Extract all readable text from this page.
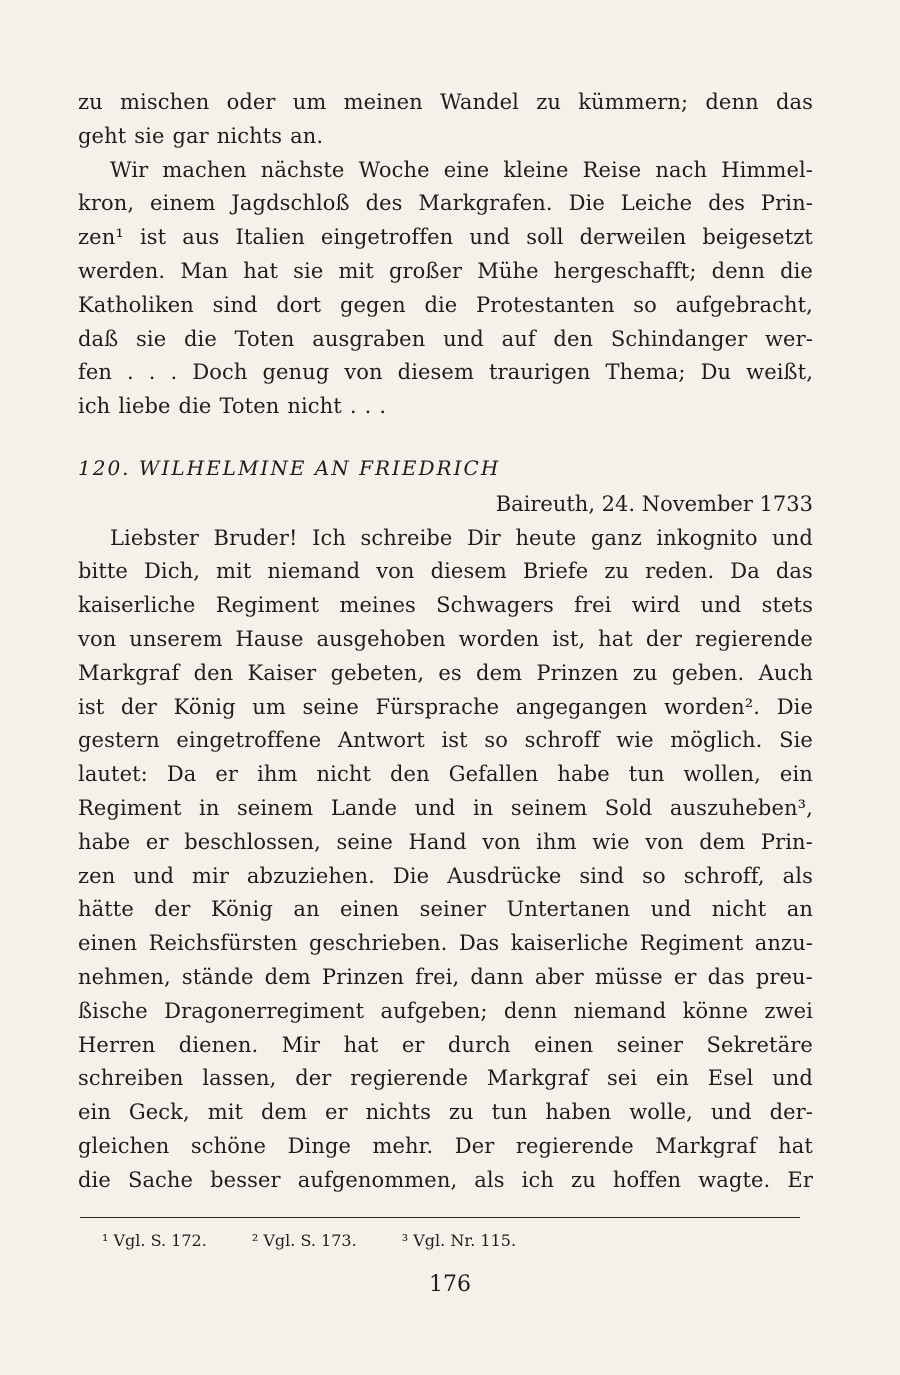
zu mischen oder um meinen Wandel zu kümmern; denn das
geht sie gar nichts an.
Wir machen nächste Woche eine kleine Reise nach Himmel-
kron, einem Jagdschloß des Markgrafen. Die Leiche des Prin-
zen¹ ist aus Italien eingetroffen und soll derweilen beigesetzt
werden. Man hat sie mit großer Mühe hergeschafft; denn die
Katholiken sind dort gegen die Protestanten so aufgebracht,
daß sie die Toten ausgraben und auf den Schindanger wer-
fen . . . Doch genug von diesem traurigen Thema; Du weißt,
ich liebe die Toten nicht . . .
120. WILHELMINE AN FRIEDRICH
Baireuth, 24. November 1733
Liebster Bruder! Ich schreibe Dir heute ganz inkognito und
bitte Dich, mit niemand von diesem Briefe zu reden. Da das
kaiserliche Regiment meines Schwagers frei wird und stets
von unserem Hause ausgehoben worden ist, hat der regierende
Markgraf den Kaiser gebeten, es dem Prinzen zu geben. Auch
ist der König um seine Fürsprache angegangen worden². Die
gestern eingetroffene Antwort ist so schroff wie möglich. Sie
lautet: Da er ihm nicht den Gefallen habe tun wollen, ein
Regiment in seinem Lande und in seinem Sold auszuheben³,
habe er beschlossen, seine Hand von ihm wie von dem Prin-
zen und mir abzuziehen. Die Ausdrücke sind so schroff, als
hätte der König an einen seiner Untertanen und nicht an
einen Reichsfürsten geschrieben. Das kaiserliche Regiment anzu-
nehmen, stände dem Prinzen frei, dann aber müsse er das preu-
ßische Dragonerregiment aufgeben; denn niemand könne zwei
Herren dienen. Mir hat er durch einen seiner Sekretäre
schreiben lassen, der regierende Markgraf sei ein Esel und
ein Geck, mit dem er nichts zu tun haben wolle, und der-
gleichen schöne Dinge mehr. Der regierende Markgraf hat
die Sache besser aufgenommen, als ich zu hoffen wagte. Er
¹ Vgl. S. 172.	² Vgl. S. 173.	³ Vgl. Nr. 115.
176
